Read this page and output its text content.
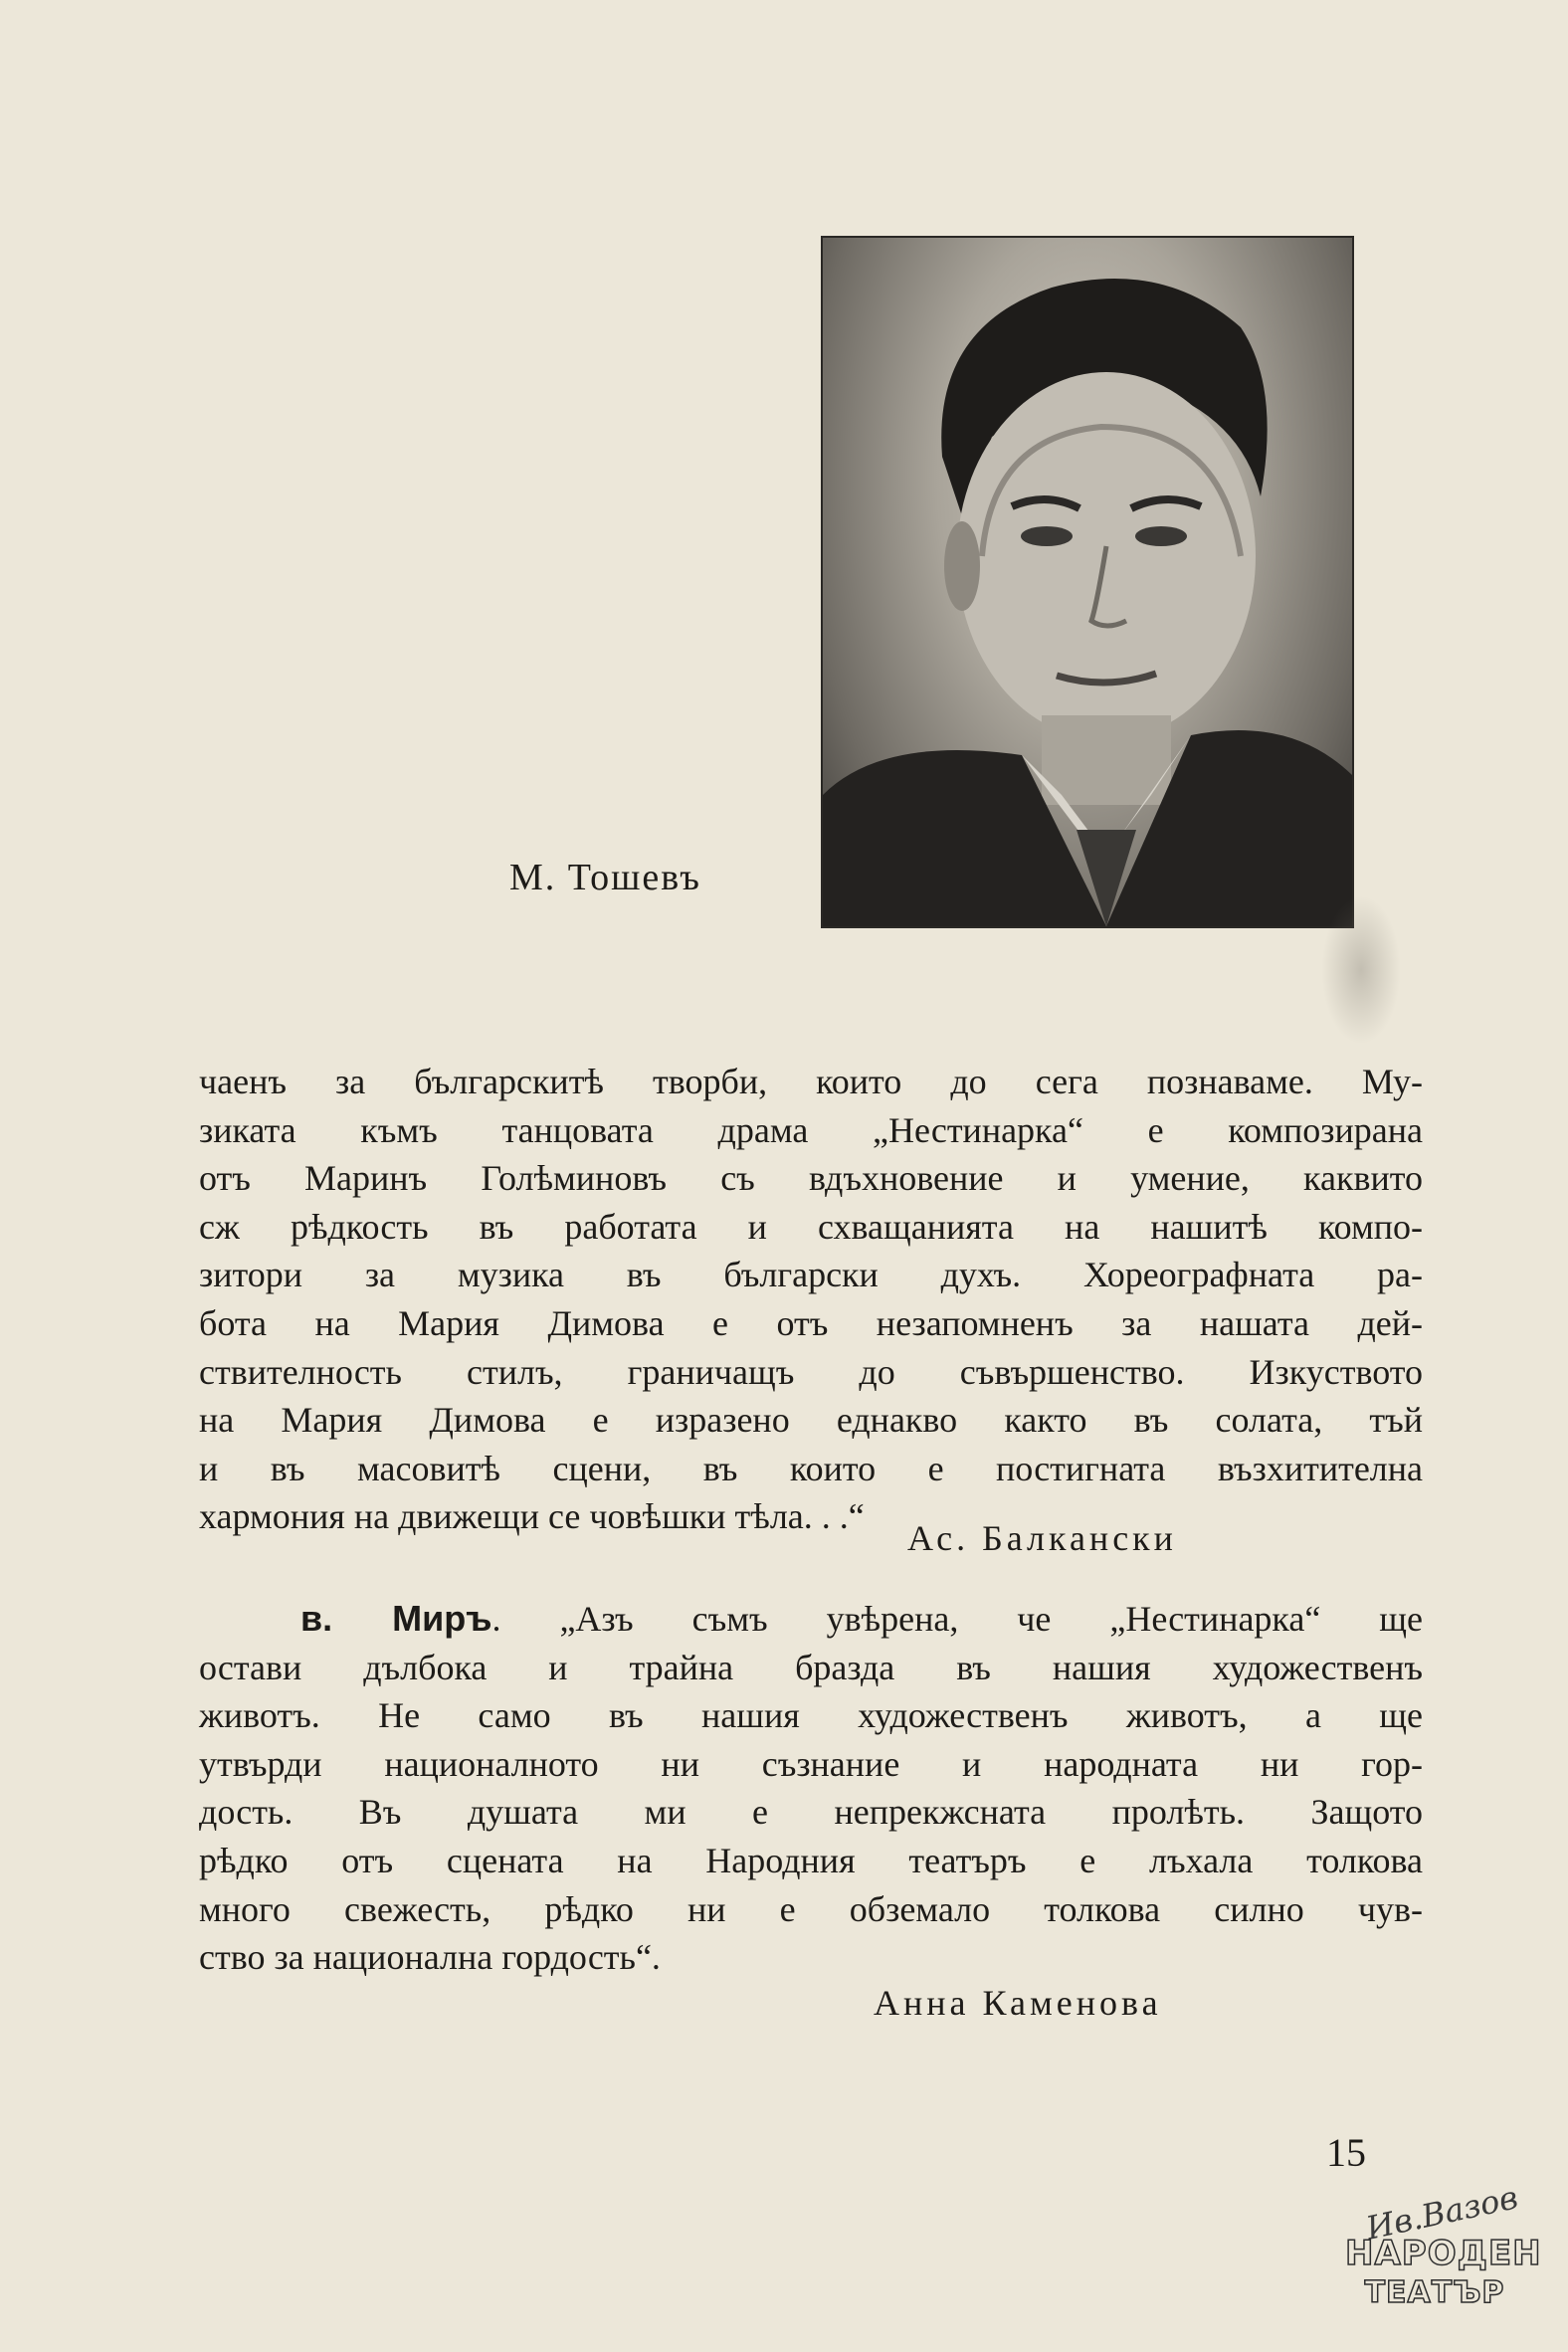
М. Тошевъ
чаенъ за българскитѣ творби, които до сега познаваме. Му-
зиката къмъ танцовата драма „Нестинарка“ е композирана
отъ Маринъ Голѣминовъ съ вдъхновение и умение, каквито
сж рѣдкость въ работата и схващанията на нашитѣ компо-
зитори за музика въ български духъ. Хореографната ра-
бота на Мария Димова е отъ незапомненъ за нашата дей-
ствителность стилъ, граничащъ до съвършенство. Изкуството
на Мария Димова е изразено еднакво както въ солата, тъй
и въ масовитѣ сцени, въ които е постигната възхитителна
хармония на движещи се човѣшки тѣла. . .“
Ас. Балкански
в. Миръ. „Азъ съмъ увѣрена, че „Нестинарка“ ще
остави дълбока и трайна бразда въ нашия художественъ
животъ. Не само въ нашия художественъ животъ, а ще
утвърди националното ни съзнание и народната ни гор-
дость. Въ душата ми е непрекжсната пролѣть. Защото
рѣдко отъ сцената на Народния театъръ е лъхала толкова
много свежесть, рѣдко ни е обземало толкова силно чув-
ство за национална гордость“.
Анна Каменова
15
Ив.Вазов
НАРОДЕН
ТЕАТЪР
